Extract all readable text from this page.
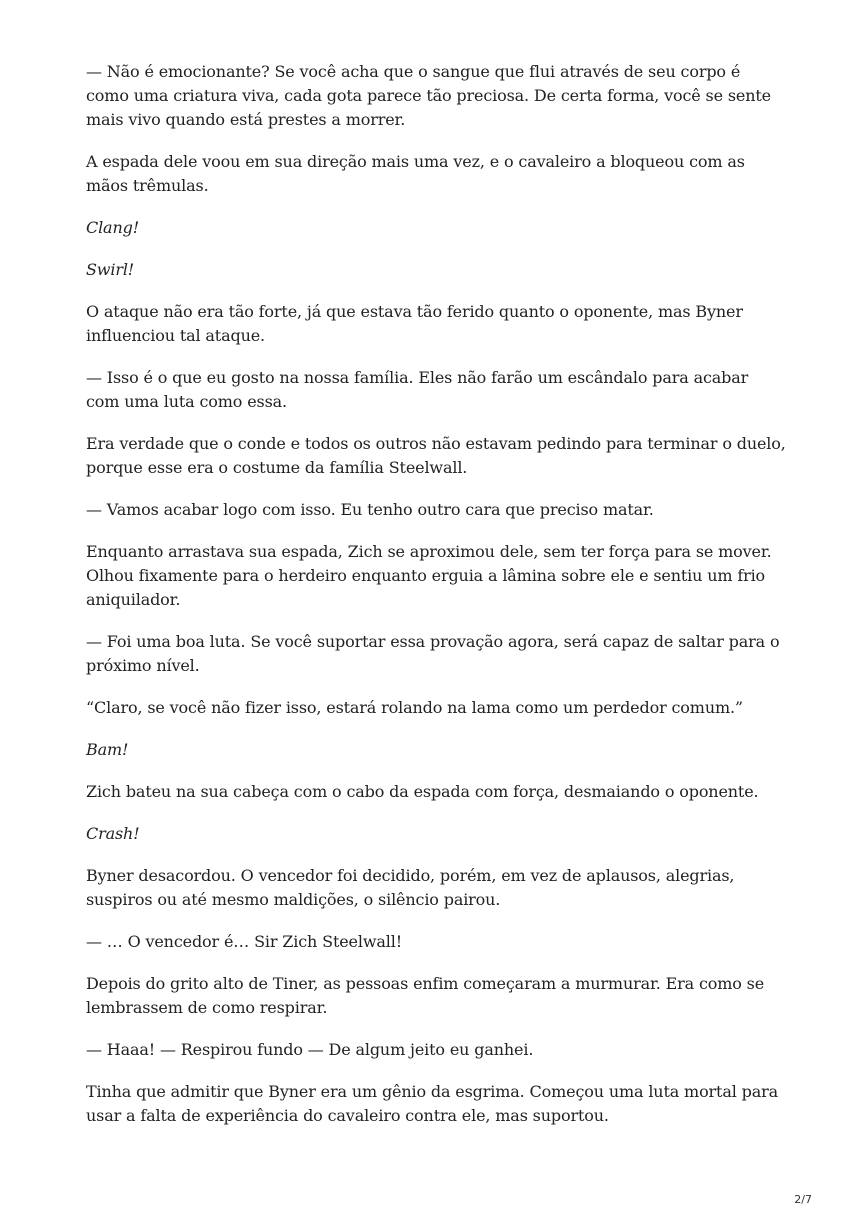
— Não é emocionante? Se você acha que o sangue que flui através de seu corpo é como uma criatura viva, cada gota parece tão preciosa. De certa forma, você se sente mais vivo quando está prestes a morrer.

A espada dele voou em sua direção mais uma vez, e o cavaleiro a bloqueou com as mãos trêmulas.

Clang!

Swirl!

O ataque não era tão forte, já que estava tão ferido quanto o oponente, mas Byner influenciou tal ataque.

— Isso é o que eu gosto na nossa família. Eles não farão um escândalo para acabar com uma luta como essa.

Era verdade que o conde e todos os outros não estavam pedindo para terminar o duelo, porque esse era o costume da família Steelwall.

— Vamos acabar logo com isso. Eu tenho outro cara que preciso matar.

Enquanto arrastava sua espada, Zich se aproximou dele, sem ter força para se mover. Olhou fixamente para o herdeiro enquanto erguia a lâmina sobre ele e sentiu um frio aniquilador.

— Foi uma boa luta. Se você suportar essa provação agora, será capaz de saltar para o próximo nível.

“Claro, se você não fizer isso, estará rolando na lama como um perdedor comum.”

Bam!

Zich bateu na sua cabeça com o cabo da espada com força, desmaiando o oponente.

Crash!

Byner desacordou. O vencedor foi decidido, porém, em vez de aplausos, alegrias, suspiros ou até mesmo maldições, o silêncio pairou.

— … O vencedor é… Sir Zich Steelwall!

Depois do grito alto de Tiner, as pessoas enfim começaram a murmurar. Era como se lembrassem de como respirar.

— Haaa! — Respirou fundo — De algum jeito eu ganhei.

Tinha que admitir que Byner era um gênio da esgrima. Começou uma luta mortal para usar a falta de experiência do cavaleiro contra ele, mas suportou.

2/7
